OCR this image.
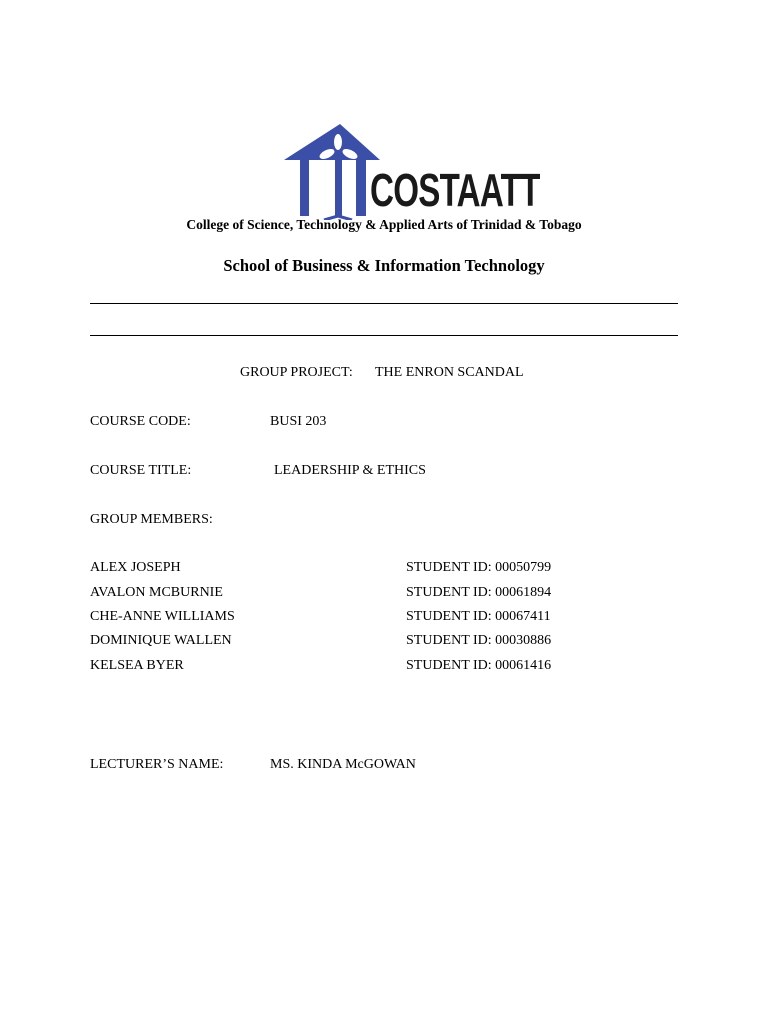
COSTAATT
College of Science, Technology & Applied Arts of Trinidad & Tobago
School of Business & Information Technology
GROUP PROJECT: THE ENRON SCANDAL
COURSE CODE:	BUSI 203
COURSE TITLE:	LEADERSHIP & ETHICS
GROUP MEMBERS:
ALEX JOSEPH	STUDENT ID: 00050799
AVALON MCBURNIE	STUDENT ID: 00061894
CHE-ANNE WILLIAMS	STUDENT ID: 00067411
DOMINIQUE WALLEN	STUDENT ID: 00030886
KELSEA BYER	STUDENT ID: 00061416
LECTURER’S NAME:	MS. KINDA McGOWAN
